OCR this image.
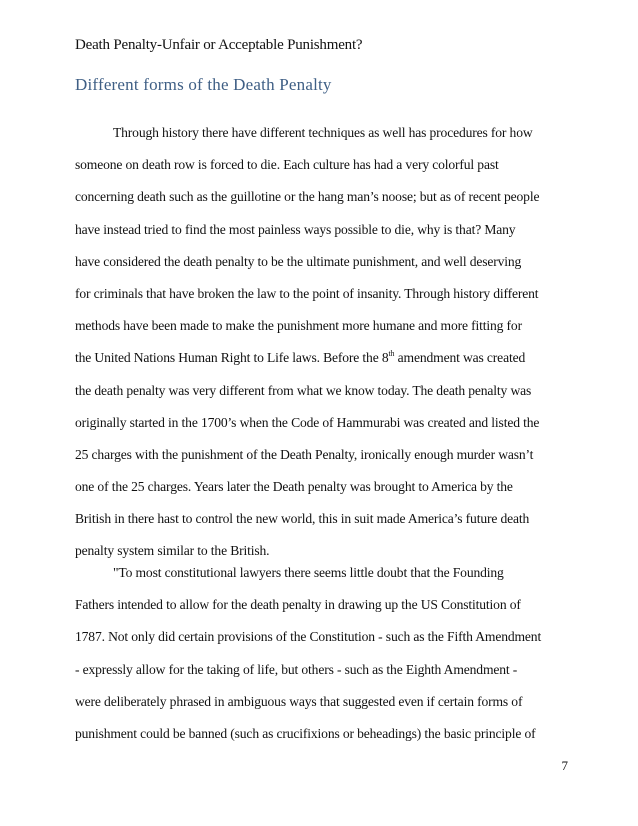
Death Penalty-Unfair or Acceptable Punishment?
Different forms of the Death Penalty
Through history there have different techniques as well has procedures for how
someone on death row is forced to die. Each culture has had a very colorful past
concerning death such as the guillotine or the hang man’s noose; but as of recent people
have instead tried to find the most painless ways possible to die, why is that? Many
have considered the death penalty to be the ultimate punishment, and well deserving
for criminals that have broken the law to the point of insanity. Through history different
methods have been made to make the punishment more humane and more fitting for
the United Nations Human Right to Life laws. Before the 8th amendment was created
the death penalty was very different from what we know today. The death penalty was
originally started in the 1700’s when the Code of Hammurabi was created and listed the
25 charges with the punishment of the Death Penalty, ironically enough murder wasn’t
one of the 25 charges. Years later the Death penalty was brought to America by the
British in there hast to control the new world, this in suit made America’s future death
penalty system similar to the British.
"To most constitutional lawyers there seems little doubt that the Founding
Fathers intended to allow for the death penalty in drawing up the US Constitution of
1787. Not only did certain provisions of the Constitution - such as the Fifth Amendment
- expressly allow for the taking of life, but others - such as the Eighth Amendment -
were deliberately phrased in ambiguous ways that suggested even if certain forms of
punishment could be banned (such as crucifixions or beheadings) the basic principle of
7
